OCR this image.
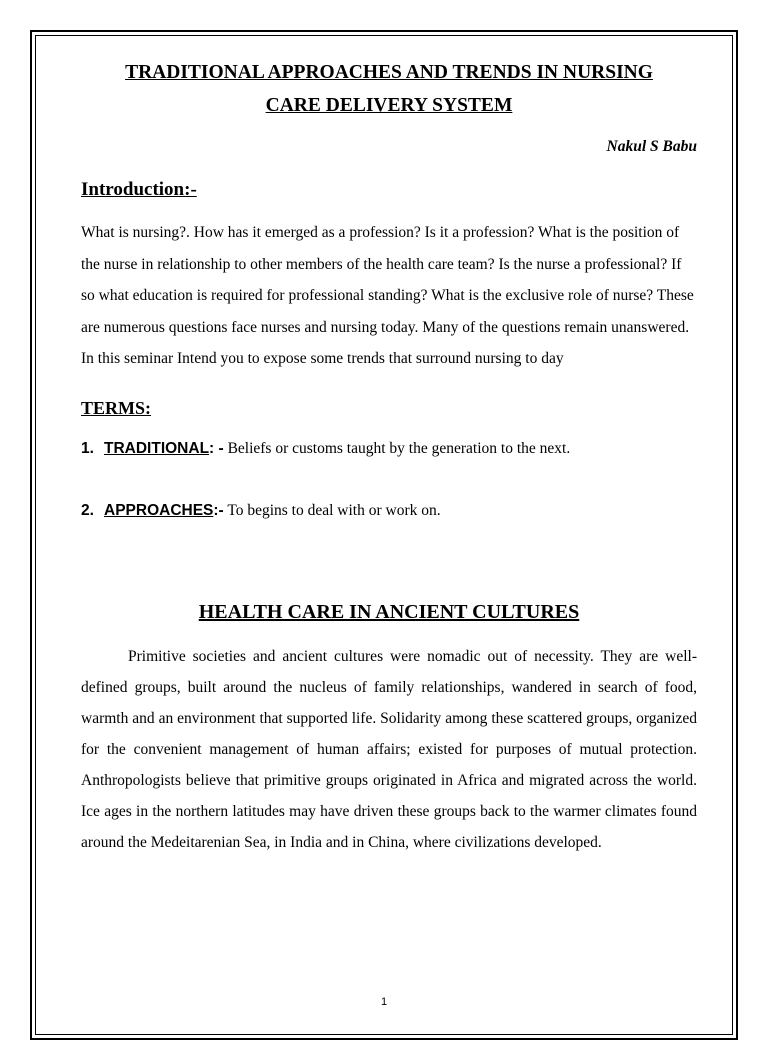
TRADITIONAL APPROACHES AND TRENDS IN NURSING

CARE DELIVERY SYSTEM

Nakul S Babu

Introduction:-

What is nursing?. How has it emerged as a profession? Is it a profession? What is the position of the nurse in relationship to other members of the health care team? Is the nurse a professional? If so what education is required for professional standing? What is the exclusive role of nurse? These are numerous questions face nurses and nursing today. Many of the questions remain unanswered. In this seminar Intend you to expose some trends that surround nursing to day

TERMS:

1. TRADITIONAL: - Beliefs or customs taught by the generation to the next.

2. APPROACHES:- To begins to deal with or work on.

HEALTH CARE IN ANCIENT CULTURES

Primitive societies and ancient cultures were nomadic out of necessity. They are well- defined groups, built around the nucleus of family relationships, wandered in search of food, warmth and an environment that supported life. Solidarity among these scattered groups, organized for the convenient management of human affairs; existed for purposes of mutual protection. Anthropologists believe that primitive groups originated in Africa and migrated across the world. Ice ages in the northern latitudes may have driven these groups back to the warmer climates found around the Medeitarenian Sea, in India and in China, where civilizations developed.

1
